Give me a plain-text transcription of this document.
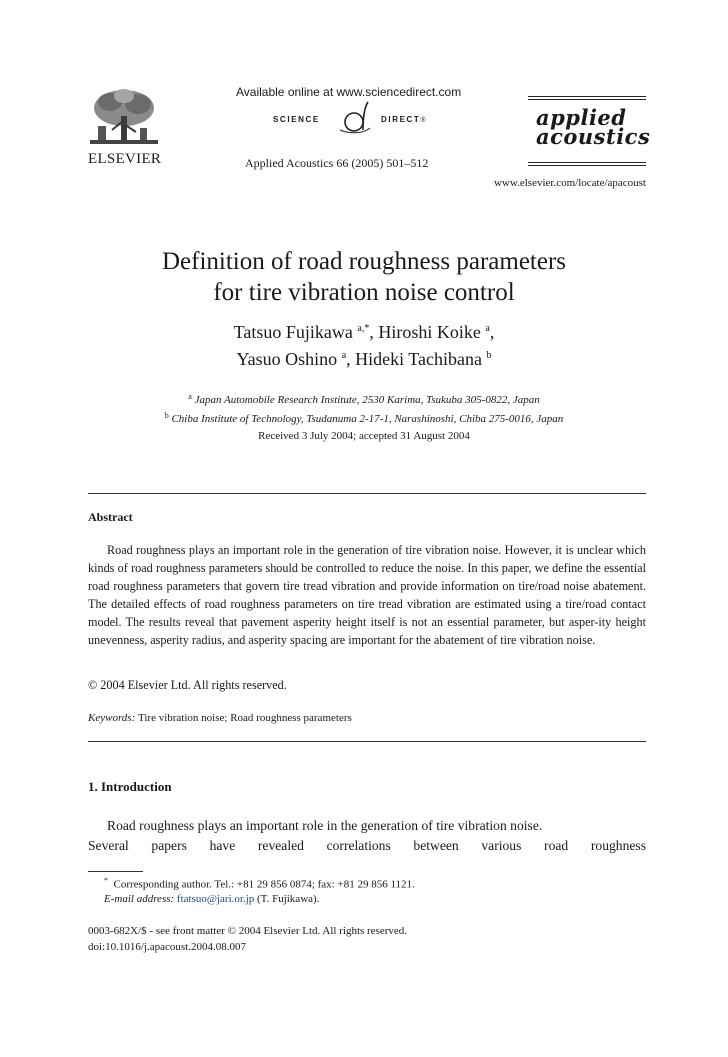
Available online at www.sciencedirect.com
SCIENCE	DIRECT®
Applied Acoustics 66 (2005) 501–512
ELSEVIER
applied
acoustics
www.elsevier.com/locate/apacoust
Definition of road roughness parameters
for tire vibration noise control
Tatsuo Fujikawa $^{a,*}$, Hiroshi Koike $^a$,
Yasuo Oshino $^a$, Hideki Tachibana $^b$
$^a$ Japan Automobile Research Institute, 2530 Karima, Tsukuba 305-0822, Japan
$^b$ Chiba Institute of Technology, Tsudanuma 2-17-1, Narashinoshi, Chiba 275-0016, Japan
Received 3 July 2004; accepted 31 August 2004
Abstract
Road roughness plays an important role in the generation of tire vibration noise. However, it is unclear which kinds of road roughness parameters should be controlled to reduce the noise. In this paper, we define the essential road roughness parameters that govern tire tread vibration and provide information on tire/road noise abatement. The detailed effects of road roughness parameters on tire tread vibration are estimated using a tire/road contact model. The results reveal that pavement asperity height itself is not an essential parameter, but asper-ity height unevenness, asperity radius, and asperity spacing are important for the abatement of tire vibration noise.
© 2004 Elsevier Ltd. All rights reserved.
Keywords: Tire vibration noise; Road roughness parameters
1. Introduction
Road roughness plays an important role in the generation of tire vibration noise.
Several papers have revealed correlations between various road roughness
* Corresponding author. Tel.: +81 29 856 0874; fax: +81 29 856 1121.
E-mail address: ftatsuo@jari.or.jp (T. Fujikawa).
0003-682X/$ - see front matter © 2004 Elsevier Ltd. All rights reserved.
doi:10.1016/j.apacoust.2004.08.007
